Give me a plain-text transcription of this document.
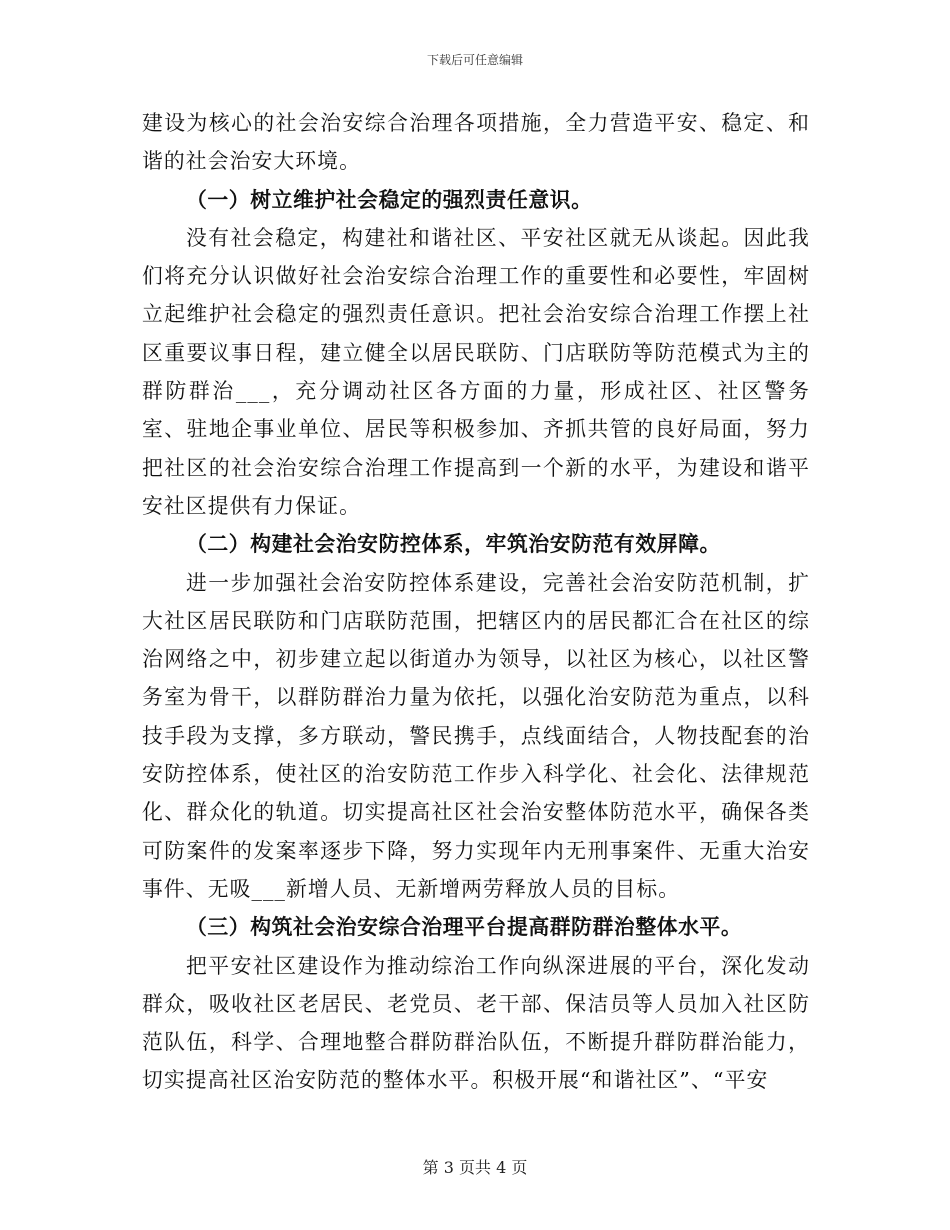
下载后可任意编辑

建设为核心的社会治安综合治理各项措施，全力营造平安、稳定、和谐的社会治安大环境。

（一）树立维护社会稳定的强烈责任意识。

没有社会稳定，构建社和谐社区、平安社区就无从谈起。因此我们将充分认识做好社会治安综合治理工作的重要性和必要性，牢固树立起维护社会稳定的强烈责任意识。把社会治安综合治理工作摆上社区重要议事日程，建立健全以居民联防、门店联防等防范模式为主的群防群治___，充分调动社区各方面的力量，形成社区、社区警务室、驻地企事业单位、居民等积极参加、齐抓共管的良好局面，努力把社区的社会治安综合治理工作提高到一个新的水平，为建设和谐平安社区提供有力保证。

（二）构建社会治安防控体系，牢筑治安防范有效屏障。

进一步加强社会治安防控体系建设，完善社会治安防范机制，扩大社区居民联防和门店联防范围，把辖区内的居民都汇合在社区的综治网络之中，初步建立起以街道办为领导，以社区为核心，以社区警务室为骨干，以群防群治力量为依托，以强化治安防范为重点，以科技手段为支撑，多方联动，警民携手，点线面结合，人物技配套的治安防控体系，使社区的治安防范工作步入科学化、社会化、法律规范化、群众化的轨道。切实提高社区社会治安整体防范水平，确保各类可防案件的发案率逐步下降，努力实现年内无刑事案件、无重大治安事件、无吸___新增人员、无新增两劳释放人员的目标。

（三）构筑社会治安综合治理平台提高群防群治整体水平。

把平安社区建设作为推动综治工作向纵深进展的平台，深化发动群众，吸收社区老居民、老党员、老干部、保洁员等人员加入社区防范队伍，科学、合理地整合群防群治队伍，不断提升群防群治能力，切实提高社区治安防范的整体水平。积极开展“和谐社区”、“平安

第 3 页共 4 页
